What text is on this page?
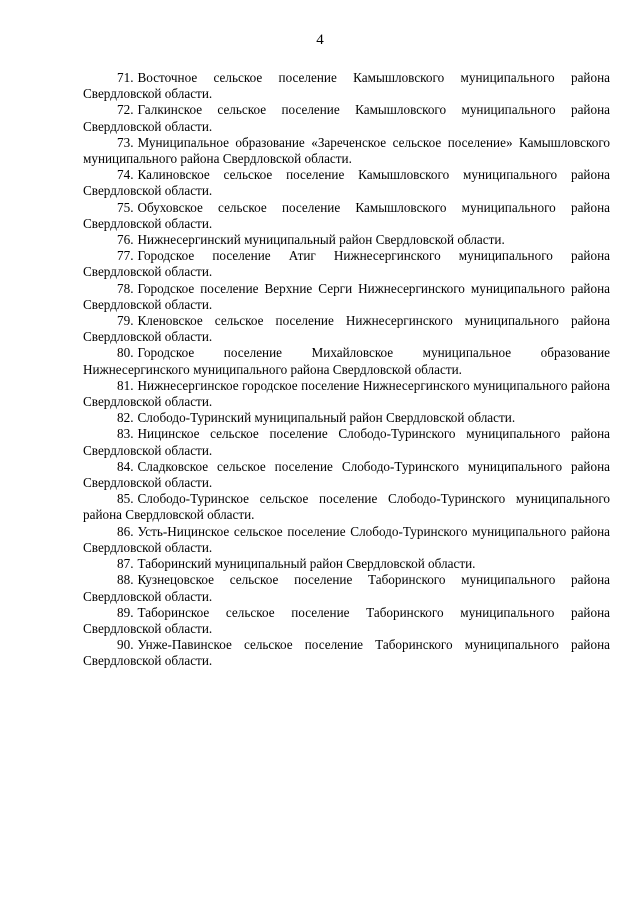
4

71. Восточное сельское поселение Камышловского муниципального района Свердловской области.

72. Галкинское сельское поселение Камышловского муниципального района Свердловской области.

73. Муниципальное образование «Зареченское сельское поселение» Камышловского муниципального района Свердловской области.

74. Калиновское сельское поселение Камышловского муниципального района Свердловской области.

75. Обуховское сельское поселение Камышловского муниципального района Свердловской области.

76. Нижнесергинский муниципальный район Свердловской области.

77. Городское поселение Атиг Нижнесергинского муниципального района Свердловской области.

78. Городское поселение Верхние Серги Нижнесергинского муниципального района Свердловской области.

79. Кленовское сельское поселение Нижнесергинского муниципального района Свердловской области.

80. Городское поселение Михайловское муниципальное образование Нижнесергинского муниципального района Свердловской области.

81. Нижнесергинское городское поселение Нижнесергинского муниципального района Свердловской области.

82. Слободо-Туринский муниципальный район Свердловской области.

83. Ницинское сельское поселение Слободо-Туринского муниципального района Свердловской области.

84. Сладковское сельское поселение Слободо-Туринского муниципального района Свердловской области.

85. Слободо-Туринское сельское поселение Слободо-Туринского муниципального района Свердловской области.

86. Усть-Ницинское сельское поселение Слободо-Туринского муниципального района Свердловской области.

87. Таборинский муниципальный район Свердловской области.

88. Кузнецовское сельское поселение Таборинского муниципального района Свердловской области.

89. Таборинское сельское поселение Таборинского муниципального района Свердловской области.

90. Унже-Павинское сельское поселение Таборинского муниципального района Свердловской области.
